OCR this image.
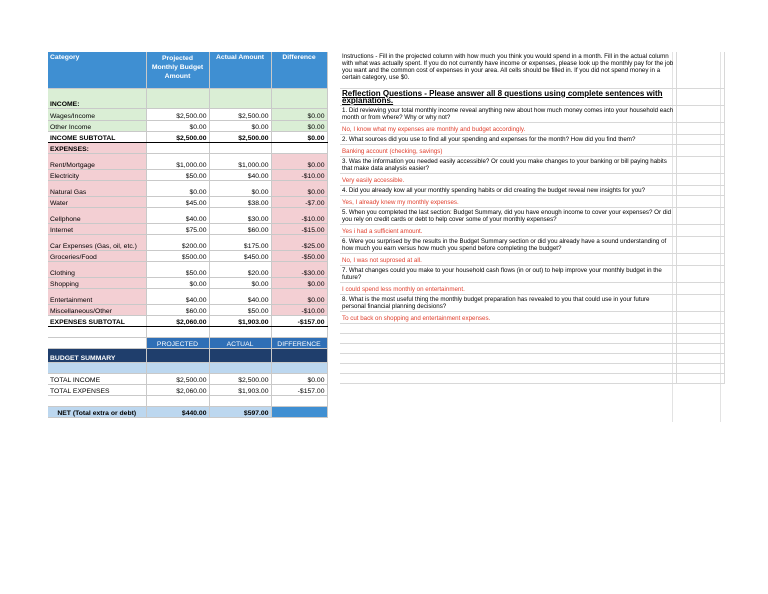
Category	Projected Monthly Budget Amount	Actual Amount	Difference
INCOME:			
Wages/Income	$2,500.00	$2,500.00	$0.00
Other Income	$0.00	$0.00	$0.00
INCOME SUBTOTAL	$2,500.00	$2,500.00	$0.00
EXPENSES:			
Rent/Mortgage	$1,000.00	$1,000.00	$0.00
Electricity	$50.00	$40.00	-$10.00
Natural Gas	$0.00	$0.00	$0.00
Water	$45.00	$38.00	-$7.00
Cellphone	$40.00	$30.00	-$10.00
Internet	$75.00	$60.00	-$15.00
Car Expenses (Gas, oil, etc.)	$200.00	$175.00	-$25.00
Groceries/Food	$500.00	$450.00	-$50.00
Clothing	$50.00	$20.00	-$30.00
Shopping	$0.00	$0.00	$0.00
Entertainment	$40.00	$40.00	$0.00
Miscellaneous/Other	$60.00	$50.00	-$10.00
EXPENSES SUBTOTAL	$2,060.00	$1,903.00	-$157.00

	PROJECTED	ACTUAL	DIFFERENCE
BUDGET SUMMARY			

TOTAL INCOME	$2,500.00	$2,500.00	$0.00
TOTAL EXPENSES	$2,060.00	$1,903.00	-$157.00

NET (Total extra or debt)	$440.00	$597.00	
Instructions - Fill in the projected column with how much you think you would spend in a month. Fill in the actual column with what was actually spent. If you do not currently have income or expenses, please look up the monthly pay for the job you want and the common cost of expenses in your area. All cells should be filled in. If you did not spend money in a certain category, use $0.	
Reflection Questions - Please answer all 8 questions using complete sentences with explanations.	
1. Did reviewing your total monthly income reveal anything new about how much money comes into your household each month or from where? Why or why not?	
No, I know what my expenses are monthly and budget accordingly.	
2. What sources did you use to find all your spending and expenses for the month? How did you find them?	
Banking account (checking, savings)	
3. Was the information you needed easily accessible? Or could you make changes to your banking or bill paying habits that make data analysis easier?	
Very easily accessible.	
4. Did you already kow all your monthly spending habits or did creating the budget reveal new insights for you?	
Yes, I already knew my monthly expenses.	
5. When you completed the last section: Budget Summary, did you have enough income to cover your expenses? Or did you rely on credit cards or debt to help cover some of your monthly expenses?	
Yes i had a sufficient amount.	
6. Were you surprised by the results in the Budget Summary section or did you already have a sound understanding of how much you earn versus how much you spend before completing the budget?	
No, I was not suprosed at all.	
7. What changes could you make to your household cash flows (in or out) to help improve your monthly budget in the future?	
I could spend less monthly on entertainment.	
8. What is the most useful thing the monthly budget preparation has revealed to you that could use in your future personal financial planning decisions?	
To cut back on shopping and entertainment expenses.	
